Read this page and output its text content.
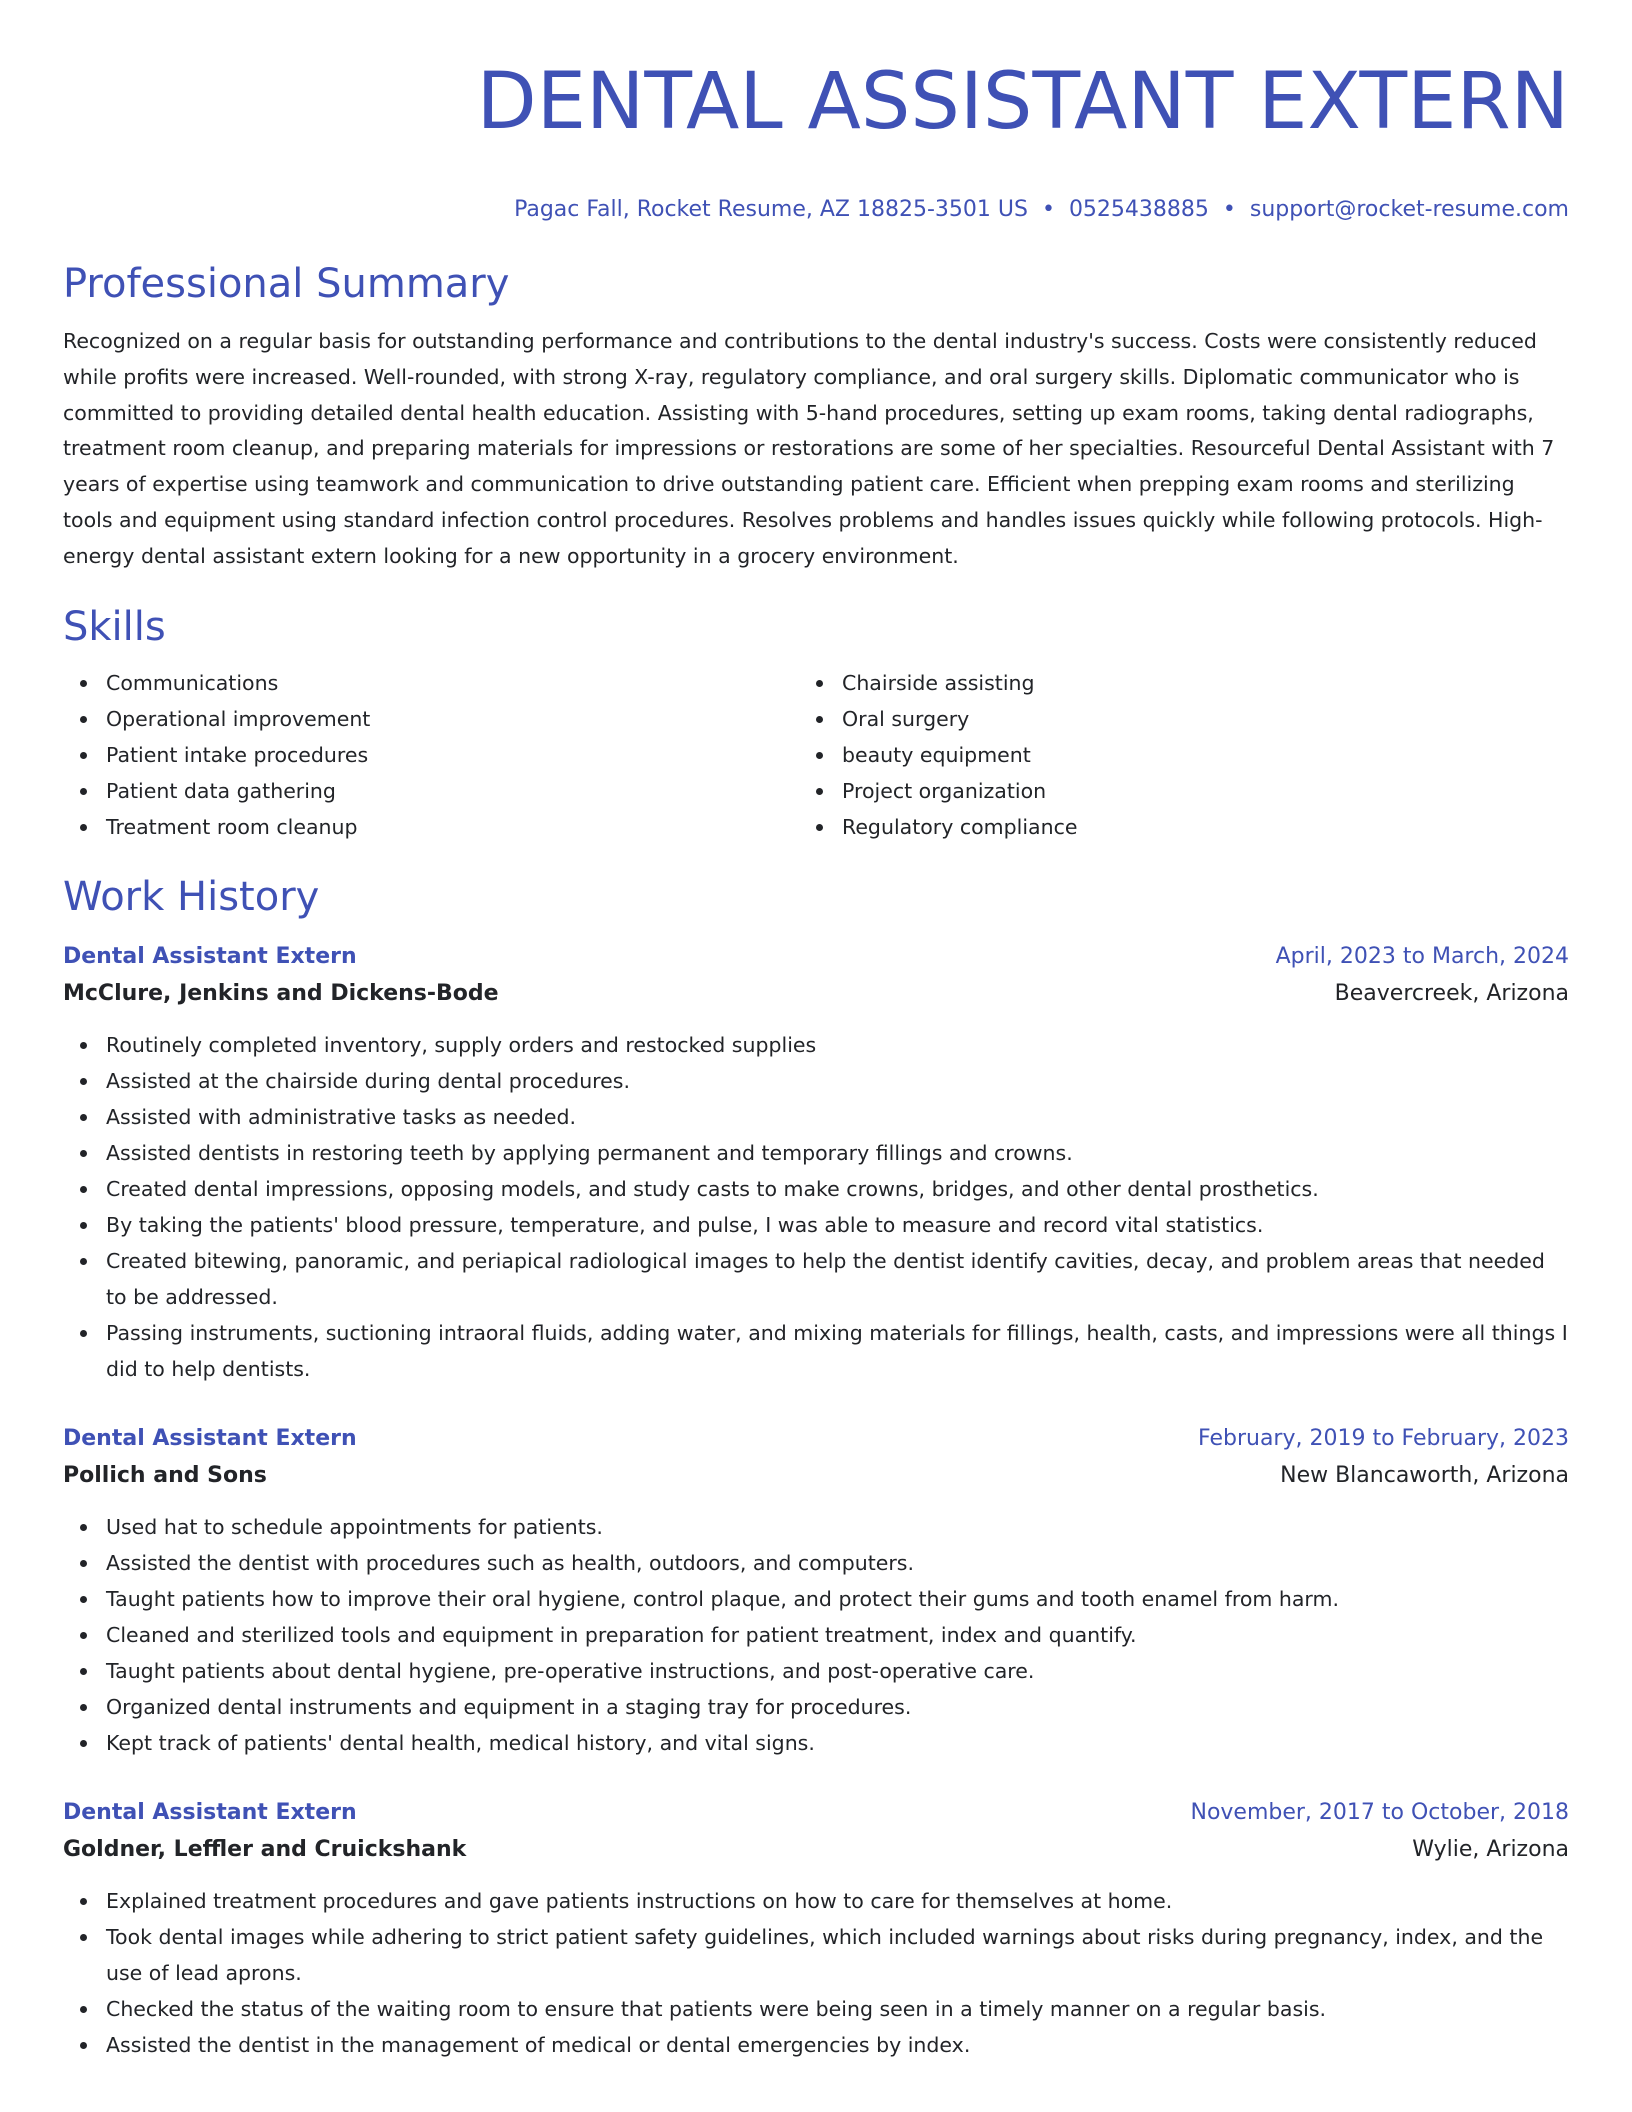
DENTAL ASSISTANT EXTERN
Pagac Fall, Rocket Resume, AZ 18825-3501 US • 0525438885 • support@rocket-resume.com
Professional Summary

Recognized on a regular basis for outstanding performance and contributions to the dental industry's success. Costs were consistently reduced while profits were increased. Well-rounded, with strong X-ray, regulatory compliance, and oral surgery skills. Diplomatic communicator who is committed to providing detailed dental health education. Assisting with 5-hand procedures, setting up exam rooms, taking dental radiographs, treatment room cleanup, and preparing materials for impressions or restorations are some of her specialties. Resourceful Dental Assistant with 7 years of expertise using teamwork and communication to drive outstanding patient care. Efficient when prepping exam rooms and sterilizing tools and equipment using standard infection control procedures. Resolves problems and handles issues quickly while following protocols. High-energy dental assistant extern looking for a new opportunity in a grocery environment.

Skills
Communications
Operational improvement
Patient intake procedures
Patient data gathering
Treatment room cleanup
Chairside assisting
Oral surgery
beauty equipment
Project organization
Regulatory compliance
Work History
Dental Assistant Extern	April, 2023 to March, 2024
McClure, Jenkins and Dickens-Bode	Beavercreek, Arizona
Routinely completed inventory, supply orders and restocked supplies
Assisted at the chairside during dental procedures.
Assisted with administrative tasks as needed.
Assisted dentists in restoring teeth by applying permanent and temporary fillings and crowns.
Created dental impressions, opposing models, and study casts to make crowns, bridges, and other dental prosthetics.
By taking the patients' blood pressure, temperature, and pulse, I was able to measure and record vital statistics.
Created bitewing, panoramic, and periapical radiological images to help the dentist identify cavities, decay, and problem areas that needed to be addressed.
Passing instruments, suctioning intraoral fluids, adding water, and mixing materials for fillings, health, casts, and impressions were all things I did to help dentists.
Dental Assistant Extern	February, 2019 to February, 2023
Pollich and Sons	New Blancaworth, Arizona
Used hat to schedule appointments for patients.
Assisted the dentist with procedures such as health, outdoors, and computers.
Taught patients how to improve their oral hygiene, control plaque, and protect their gums and tooth enamel from harm.
Cleaned and sterilized tools and equipment in preparation for patient treatment, index and quantify.
Taught patients about dental hygiene, pre-operative instructions, and post-operative care.
Organized dental instruments and equipment in a staging tray for procedures.
Kept track of patients' dental health, medical history, and vital signs.
Dental Assistant Extern	November, 2017 to October, 2018
Goldner, Leffler and Cruickshank	Wylie, Arizona
Explained treatment procedures and gave patients instructions on how to care for themselves at home.
Took dental images while adhering to strict patient safety guidelines, which included warnings about risks during pregnancy, index, and the use of lead aprons.
Checked the status of the waiting room to ensure that patients were being seen in a timely manner on a regular basis.
Assisted the dentist in the management of medical or dental emergencies by index.
